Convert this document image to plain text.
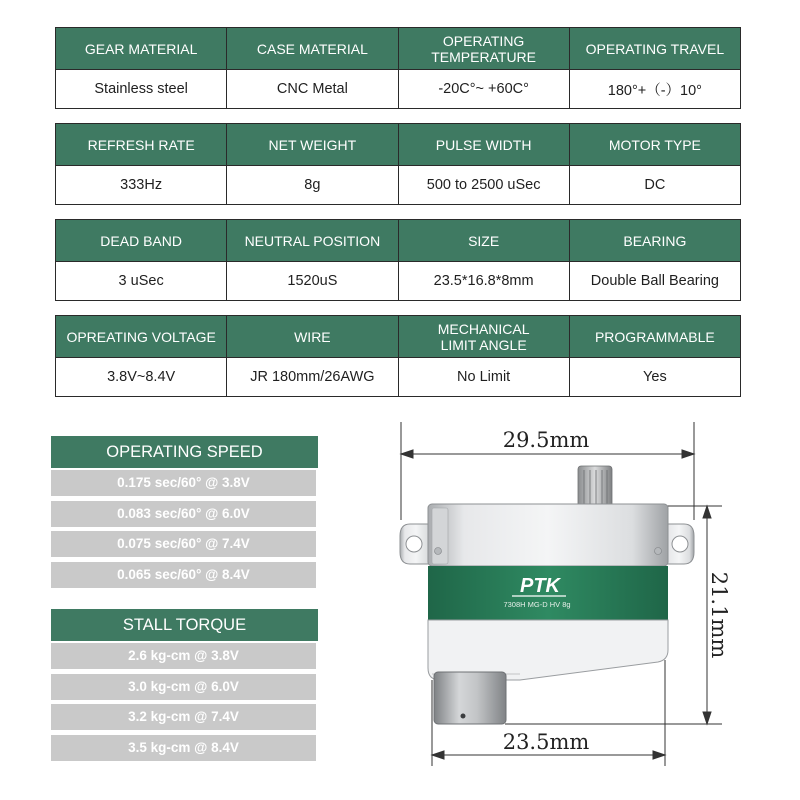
GEAR MATERIAL	CASE MATERIAL	OPERATING TEMPERATURE	OPERATING TRAVEL
Stainless steel	CNC Metal	-20C°~ +60C°	180°+（-）10°
REFRESH RATE	NET WEIGHT	PULSE WIDTH	MOTOR TYPE
333Hz	8g	500 to 2500 uSec	DC
DEAD BAND	NEUTRAL POSITION	SIZE	BEARING
3 uSec	1520uS	23.5*16.8*8mm	Double Ball Bearing
OPREATING VOLTAGE	WIRE	MECHANICAL LIMIT ANGLE	PROGRAMMABLE
3.8V~8.4V	JR 180mm/26AWG	No Limit	Yes
OPERATING SPEED
0.175 sec/60° @ 3.8V
0.083 sec/60° @ 6.0V
0.075 sec/60° @ 7.4V
0.065 sec/60° @ 8.4V
STALL TORQUE
2.6 kg-cm @ 3.8V
3.0 kg-cm @ 6.0V
3.2 kg-cm @ 7.4V
3.5 kg-cm @ 8.4V
29.5mm
21.1mm
23.5mm
PTK
7308H MG-D HV 8g
